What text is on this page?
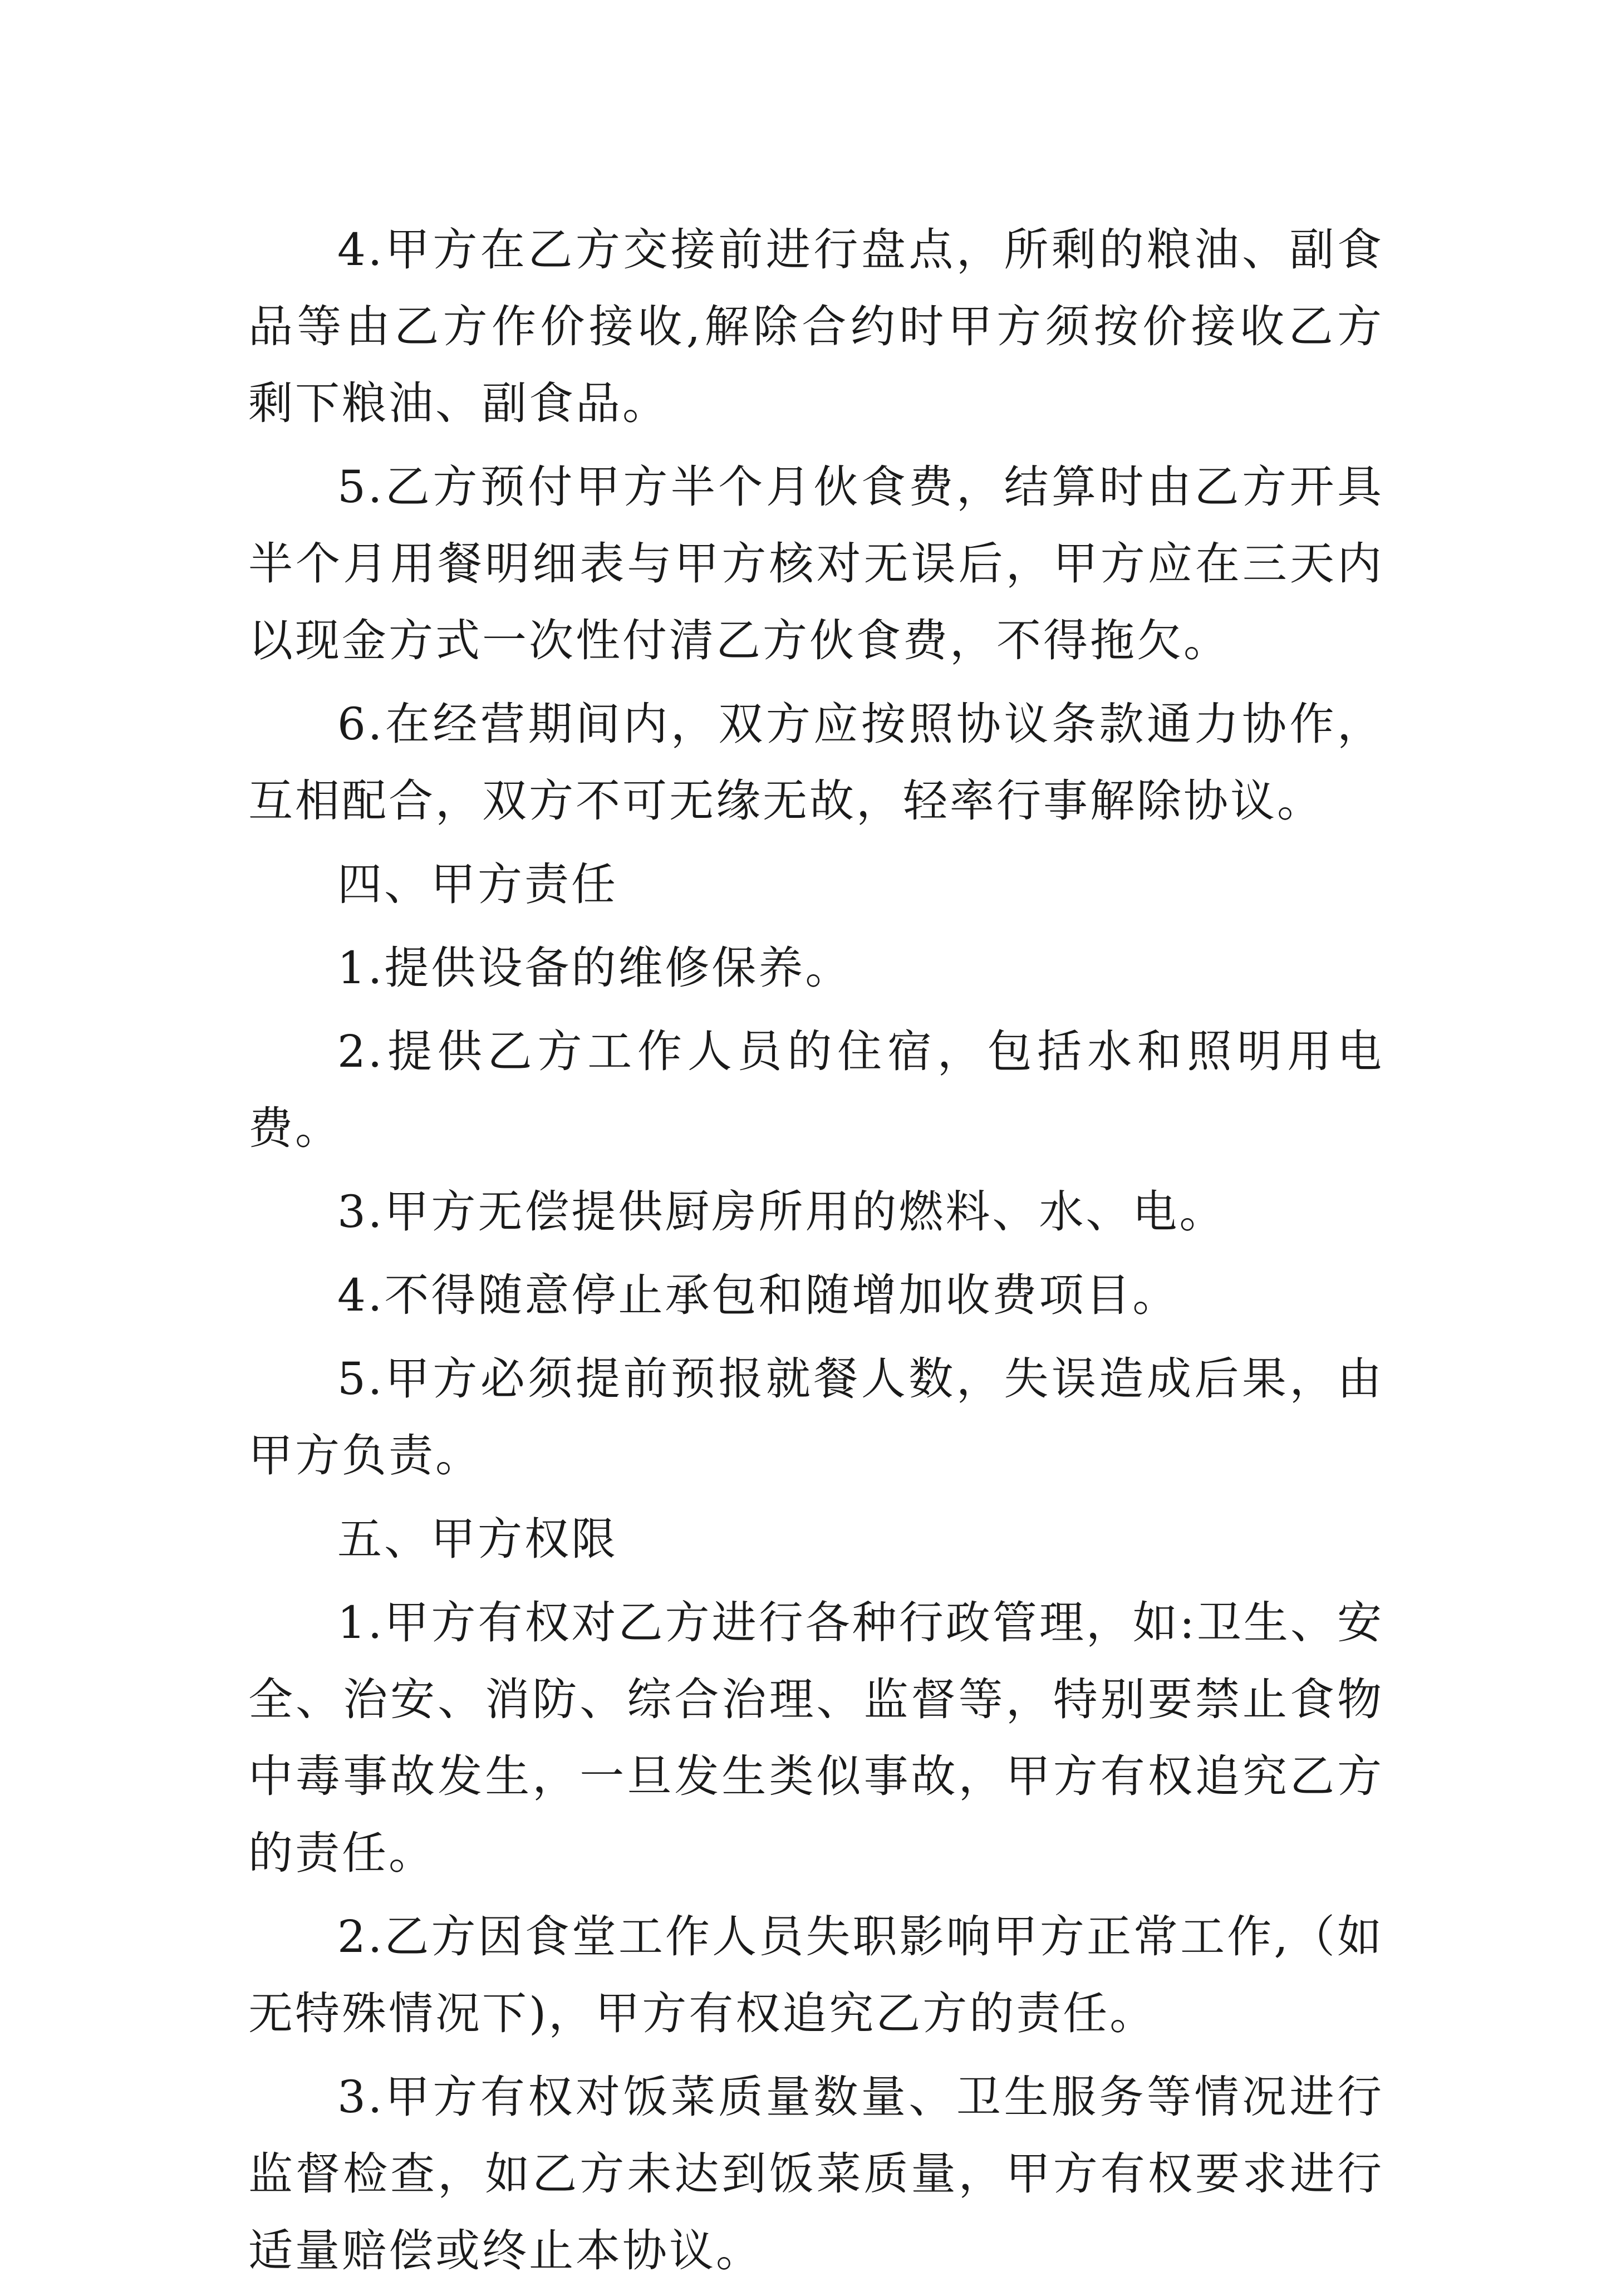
4.甲方在乙方交接前进行盘点，所剩的粮油、副食品等由乙方作价接收,解除合约时甲方须按价接收乙方剩下粮油、副食品。

5.乙方预付甲方半个月伙食费，结算时由乙方开具半个月用餐明细表与甲方核对无误后，甲方应在三天内以现金方式一次性付清乙方伙食费，不得拖欠。

6.在经营期间内，双方应按照协议条款通力协作，互相配合，双方不可无缘无故，轻率行事解除协议。

四、甲方责任

1.提供设备的维修保养。

2.提供乙方工作人员的住宿，包括水和照明用电费。

3.甲方无偿提供厨房所用的燃料、水、电。

4.不得随意停止承包和随增加收费项目。

5.甲方必须提前预报就餐人数，失误造成后果，由甲方负责。

五、甲方权限

1.甲方有权对乙方进行各种行政管理，如:卫生、安全、治安、消防、综合治理、监督等，特别要禁止食物中毒事故发生，一旦发生类似事故，甲方有权追究乙方的责任。

2.乙方因食堂工作人员失职影响甲方正常工作,（如无特殊情况下)，甲方有权追究乙方的责任。

3.甲方有权对饭菜质量数量、卫生服务等情况进行监督检查，如乙方未达到饭菜质量，甲方有权要求进行适量赔偿或终止本协议。
